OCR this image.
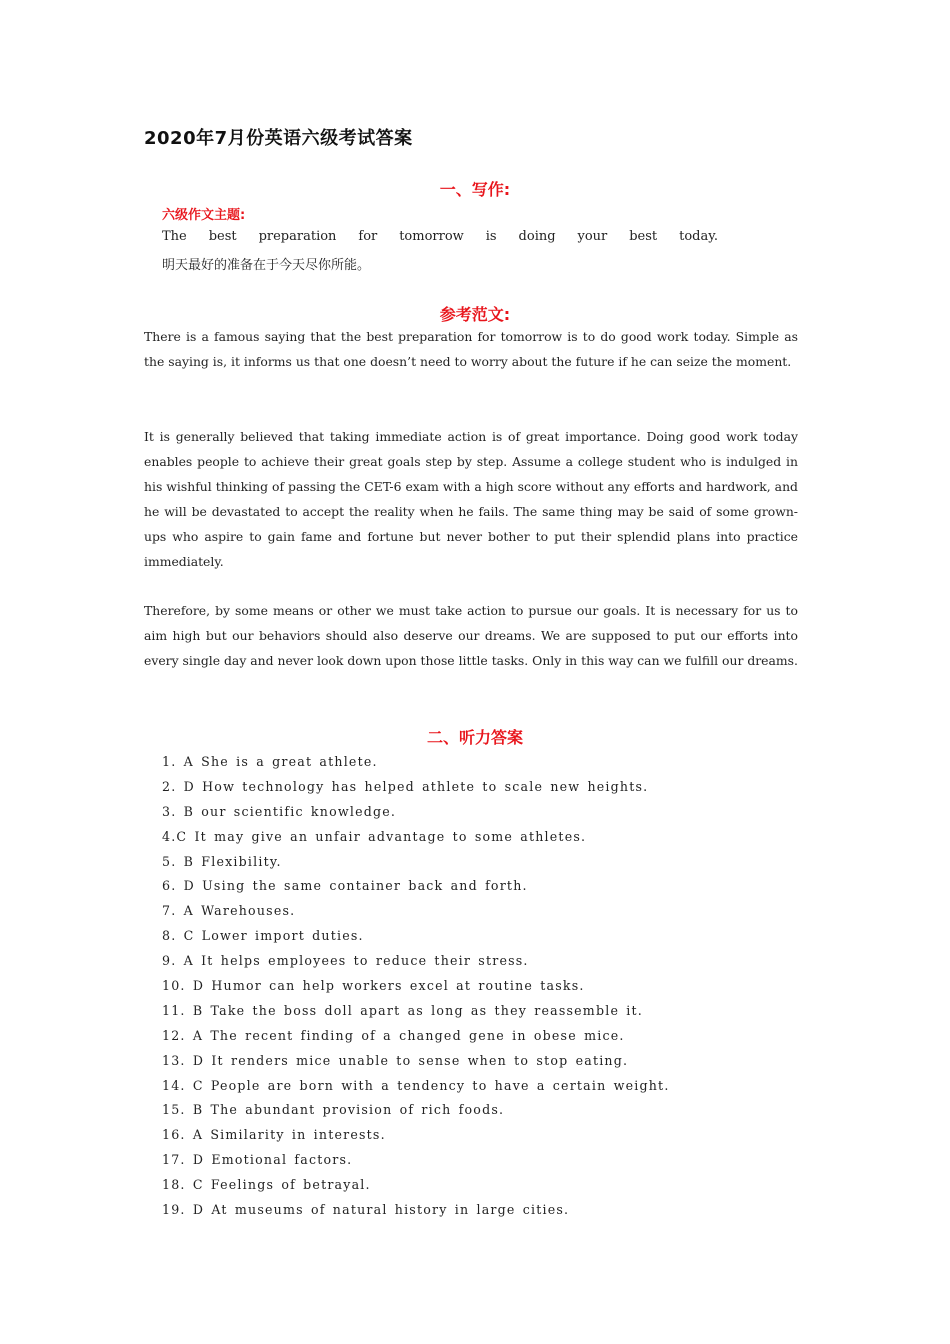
2020年7月份英语六级考试答案
一、写作:
六级作文主题:
The best preparation for tomorrow is doing your best today.
明天最好的准备在于今天尽你所能。
参考范文:

There is a famous saying that the best preparation for tomorrow is to do good work today. Simple as the saying is, it informs us that one doesn’t need to worry about the future if he can seize the moment.

It is generally believed that taking immediate action is of great importance. Doing good work today enables people to achieve their great goals step by step. Assume a college student who is indulged in his wishful thinking of passing the CET-6 exam with a high score without any efforts and hardwork, and he will be devastated to accept the reality when he fails. The same thing may be said of some grown-ups who aspire to gain fame and fortune but never bother to put their splendid plans into practice immediately.

Therefore, by some means or other we must take action to pursue our goals. It is necessary for us to aim high but our behaviors should also deserve our dreams. We are supposed to put our efforts into every single day and never look down upon those little tasks. Only in this way can we fulfill our dreams.

二、听力答案
1. A She is a great athlete.
2. D How technology has helped athlete to scale new heights.
3. B our scientific knowledge.
4.C It may give an unfair advantage to some athletes.
5. B Flexibility.
6. D Using the same container back and forth.
7. A Warehouses.
8. C Lower import duties.
9. A It helps employees to reduce their stress.
10. D Humor can help workers excel at routine tasks.
11. B Take the boss doll apart as long as they reassemble it.
12. A The recent finding of a changed gene in obese mice.
13. D It renders mice unable to sense when to stop eating.
14. C People are born with a tendency to have a certain weight.
15. B The abundant provision of rich foods.
16. A Similarity in interests.
17. D Emotional factors.
18. C Feelings of betrayal.
19. D At museums of natural history in large cities.
